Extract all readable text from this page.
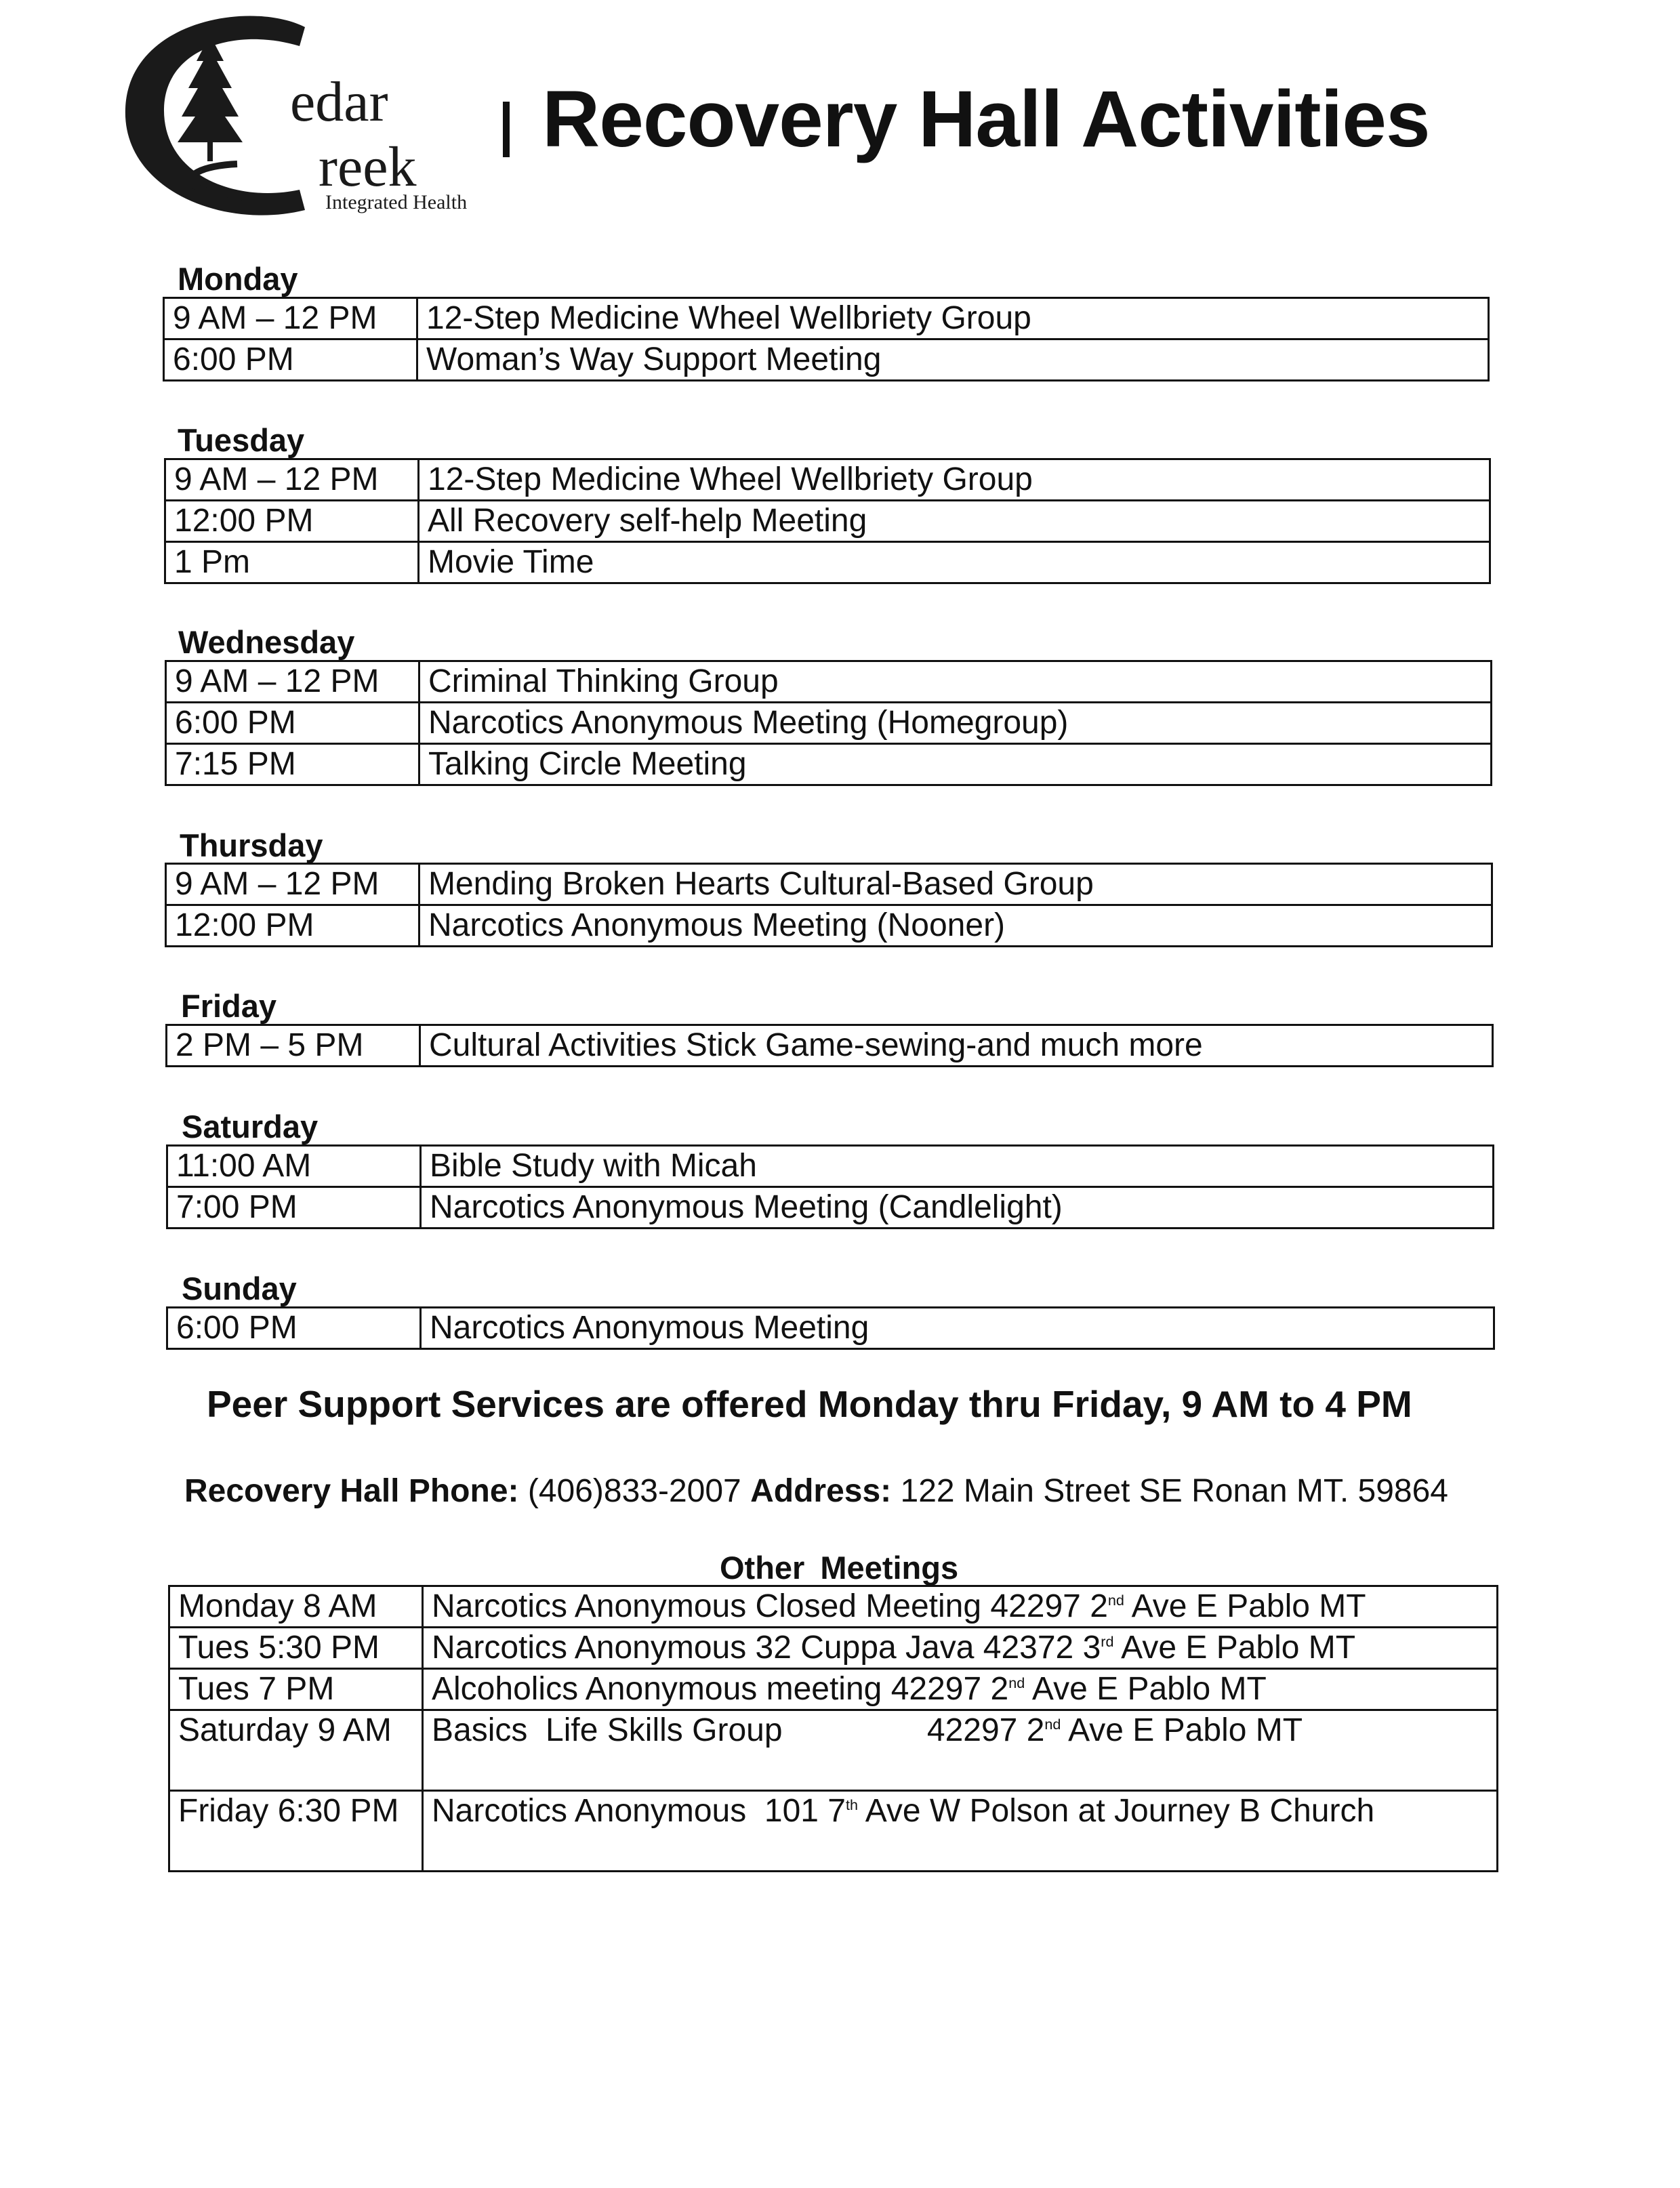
edar
reek
Integrated Health
Recovery Hall Activities
Monday
9 AM – 12 PM	12-Step Medicine Wheel Wellbriety Group
6:00 PM	Woman’s Way Support Meeting
Tuesday
9 AM – 12 PM	12-Step Medicine Wheel Wellbriety Group
12:00 PM	All Recovery self-help Meeting
1 Pm	Movie Time
Wednesday
9 AM – 12 PM	Criminal Thinking Group
6:00 PM	Narcotics Anonymous Meeting (Homegroup)
7:15 PM	Talking Circle Meeting
Thursday
9 AM – 12 PM	Mending Broken Hearts Cultural-Based Group
12:00 PM	Narcotics Anonymous Meeting (Nooner)
Friday
2 PM – 5 PM	Cultural Activities Stick Game-sewing-and much more
Saturday
11:00 AM	Bible Study with Micah
7:00 PM	Narcotics Anonymous Meeting (Candlelight)
Sunday
6:00 PM	Narcotics Anonymous Meeting
Peer Support Services are offered Monday thru Friday, 9 AM to 4 PM
Recovery Hall Phone: (406)833-2007 Address: 122 Main Street SE Ronan MT. 59864
Other Meetings
Monday 8 AM	Narcotics Anonymous Closed Meeting 42297 2nd Ave E Pablo MT
Tues 5:30 PM	Narcotics Anonymous 32 Cuppa Java 42372 3rd Ave E Pablo MT
Tues 7 PM	Alcoholics Anonymous meeting 42297 2nd Ave E Pablo MT
Saturday 9 AM	Basics  Life Skills Group                42297 2nd Ave E Pablo MT
Friday 6:30 PM	Narcotics Anonymous  101 7th Ave W Polson at Journey B Church
